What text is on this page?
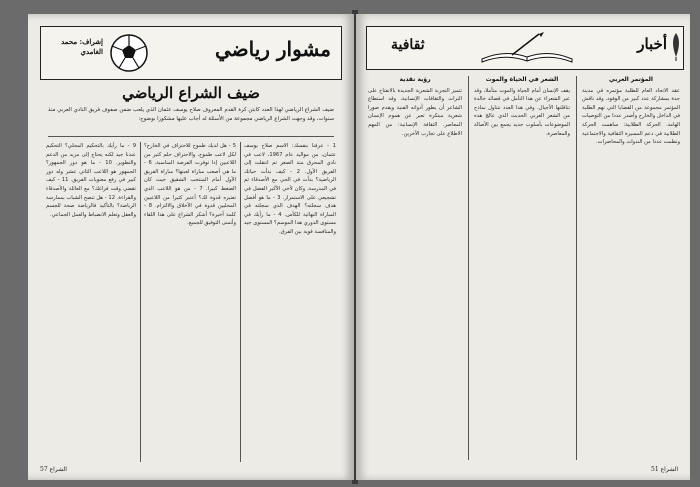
مشوار رياضي
إشراف: محمد الغامدي
ضيف الشراع الرياضي
ضيف الشراع الرياضي لهذا العدد كابتن كرة القدم المعروف صلاح يوسف عثمان الذي يلعب ضمن صفوف فريق النادي العربي منذ سنوات، وقد وجهت الشراع الرياضي مجموعة من الأسئلة له أجاب عليها مشكورا بوضوح:
1 - عرفنا بنفسك: الاسم صلاح يوسف عثمان، من مواليد عام 1967، لاعب في نادي المحرق منذ الصغر ثم انتقلت إلى الفريق الأول. 2 - كيف بدأت حياتك الرياضية؟ بدأت في الحي مع الأصدقاء ثم في المدرسة، وكان لأخي الأكبر الفضل في تشجيعي على الاستمرار. 3 - ما هو أفضل هدف سجلته؟ الهدف الذي سجلته في المباراة النهائية للكأس. 4 - ما رأيك في مستوى الدوري هذا الموسم؟ المستوى جيد والمنافسة قوية بين الفرق.
5 - هل لديك طموح للاحتراف في الخارج؟ لكل لاعب طموح، والاحتراف حلم كثير من اللاعبين إذا توفرت الفرصة المناسبة. 6 - ما هي أصعب مباراة لعبتها؟ مباراة الفريق الأول أمام المنتخب الشقيق حيث كان الضغط كبيرا. 7 - من هو اللاعب الذي تعتبره قدوة لك؟ أعتبر كثيرا من اللاعبين المحليين قدوة في الأخلاق والالتزام. 8 - كلمة أخيرة؟ أشكر الشراع على هذا اللقاء وأتمنى التوفيق للجميع.
9 - ما رأيك بالتحكيم المحلي؟ التحكيم عندنا جيد لكنه يحتاج إلى مزيد من الدعم والتطوير. 10 - ما هو دور الجمهور؟ الجمهور هو اللاعب الثاني عشر وله دور كبير في رفع معنويات الفريق. 11 - كيف تقضي وقت فراغك؟ مع العائلة والأصدقاء والقراءة. 12 - هل تنصح الشباب بممارسة الرياضة؟ بالتأكيد فالرياضة صحة للجسم والعقل وتعلم الانضباط والعمل الجماعي.
الشراع 57
ثقافية	أخبار
المؤتمر العربي
عقد الاتحاد العام للطلبة مؤتمره في مدينة جدة بمشاركة عدد كبير من الوفود، وقد ناقش المؤتمر مجموعة من القضايا التي تهم الطلبة في الداخل والخارج وأصدر عددا من التوصيات الهامة. الحركة الطلابية: ساهمت الحركة الطلابية في دعم المسيرة الثقافية والاجتماعية ونظمت عددا من الندوات والمحاضرات.
الشعر في الحياة والموت
يقف الإنسان أمام الحياة والموت متأملا، وقد عبر الشعراء عن هذا التأمل في قصائد خالدة تناقلتها الأجيال. وفي هذا العدد نتناول نماذج من الشعر العربي الحديث الذي عالج هذه الموضوعات بأسلوب جديد يجمع بين الأصالة والمعاصرة.
رؤية نقدية
تتميز التجربة الشعرية الجديدة بالانفتاح على التراث والثقافات الإنسانية، وقد استطاع الشاعر أن يطور أدواته الفنية ويقدم صورا شعرية مبتكرة تعبر عن هموم الإنسان المعاصر. الثقافة الإنسانية: من المهم الاطلاع على تجارب الآخرين.
الشراع 51
